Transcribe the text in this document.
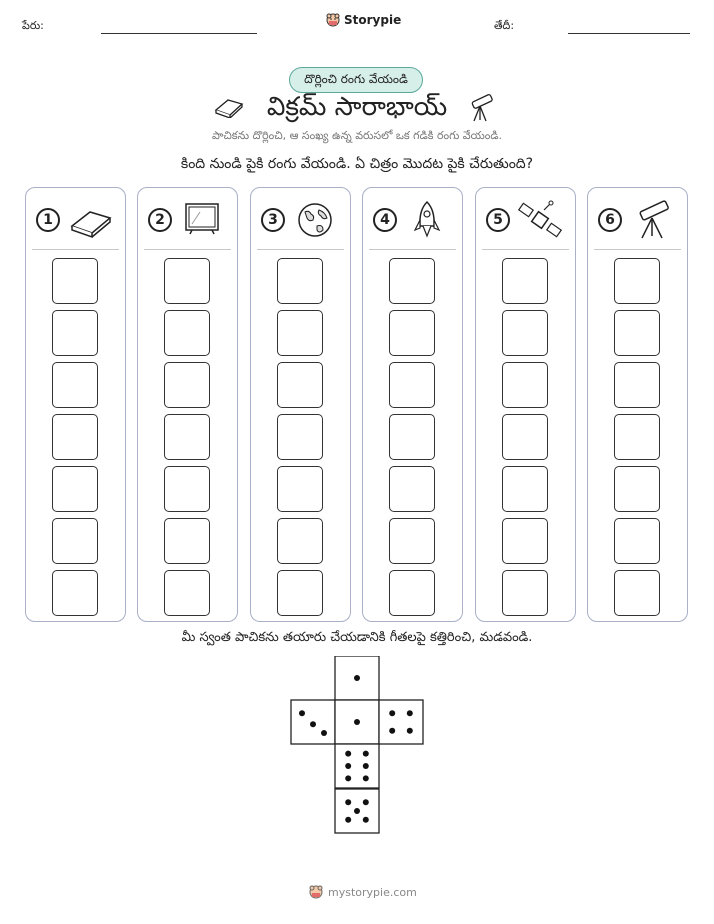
పేరు:	Storypie	తేదీ:
దొర్లించి రంగు వేయండి
విక్రమ్ సారాభాయ్
పాచికను దొర్లించి, ఆ సంఖ్య ఉన్న వరుసలో ఒక గడికి రంగు వేయండి.
కింది నుండి పైకి రంగు వేయండి. ఏ చిత్రం మొదట పైకి చేరుతుంది?
1	2	3	4	5	6
మీ స్వంత పాచికను తయారు చేయడానికి గీతలపై కత్తిరించి, మడవండి.
mystorypie.com
